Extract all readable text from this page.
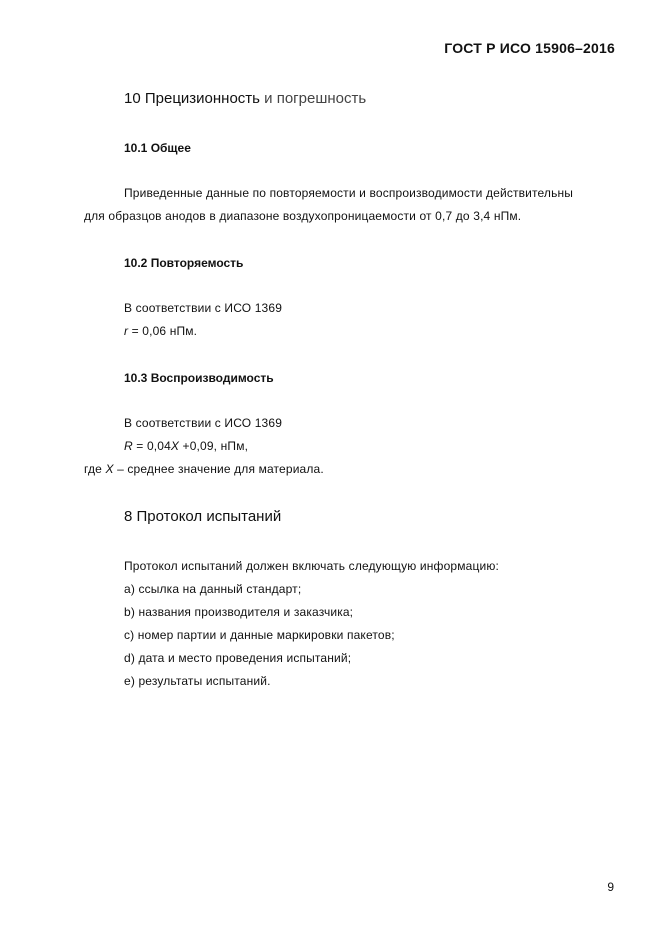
ГОСТ Р ИСО 15906–2016
10 Прецизионность и погрешность
10.1 Общее
Приведенные данные по повторяемости и воспроизводимости действительны
для образцов анодов в диапазоне воздухопроницаемости от 0,7 до 3,4 нПм.
10.2 Повторяемость
В соответствии с ИСО 1369
r = 0,06 нПм.
10.3 Воспроизводимость
В соответствии с ИСО 1369
R = 0,04X +0,09, нПм,
где X – среднее значение для материала.
8 Протокол испытаний
Протокол испытаний должен включать следующую информацию:
a) ссылка на данный стандарт;
b) названия производителя и заказчика;
c) номер партии и данные маркировки пакетов;
d) дата и место проведения испытаний;
e) результаты испытаний.
9
